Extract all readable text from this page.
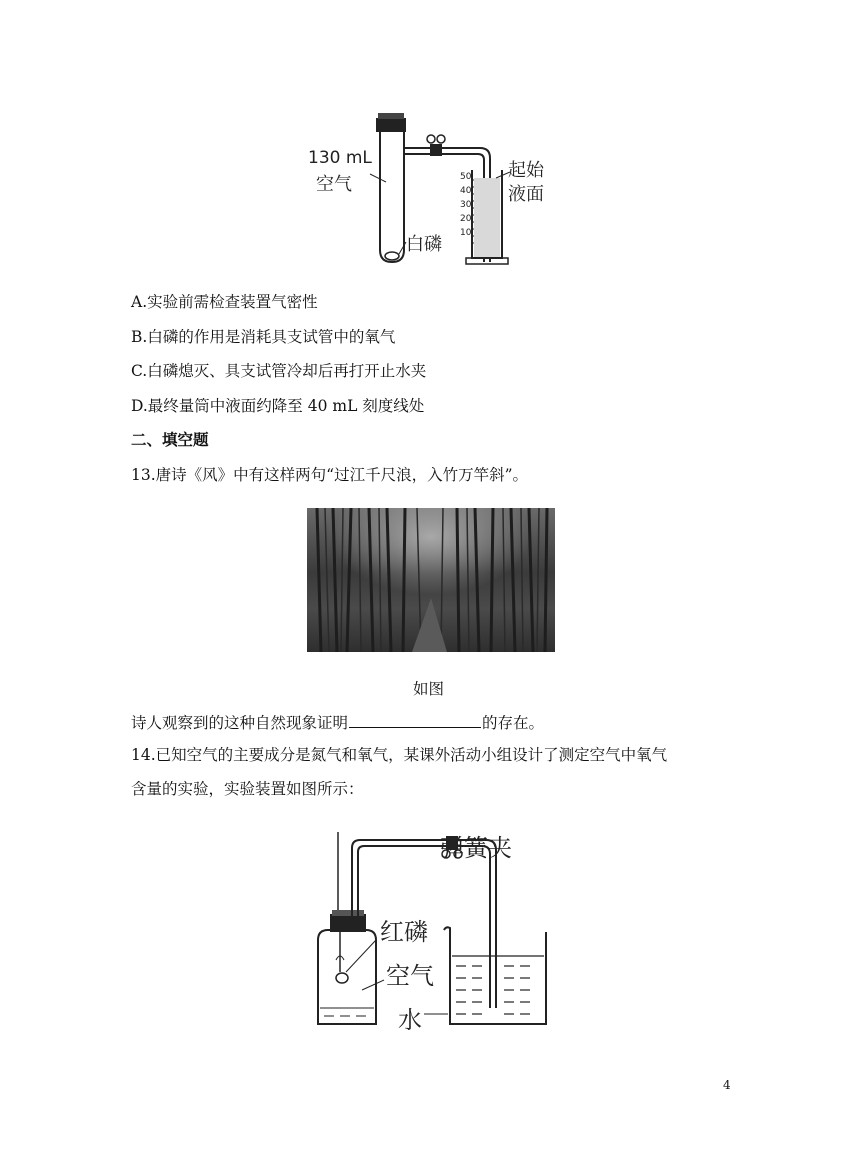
130 mL
空气
起始
液面
白磷
50
40
30
20
10
A.实验前需检查装置气密性
B.白磷的作用是消耗具支试管中的氧气
C.白磷熄灭、具支试管冷却后再打开止水夹
D.最终量筒中液面约降至 40 mL 刻度线处
二、填空题
13.唐诗《风》中有这样两句“过江千尺浪，入竹万竿斜”。
如图
诗人观察到的这种自然现象证明	的存在。
14.已知空气的主要成分是氮气和氧气，某课外活动小组设计了测定空气中氧气
含量的实验，实验装置如图所示：
弹簧夹
红磷
空气
水
4
